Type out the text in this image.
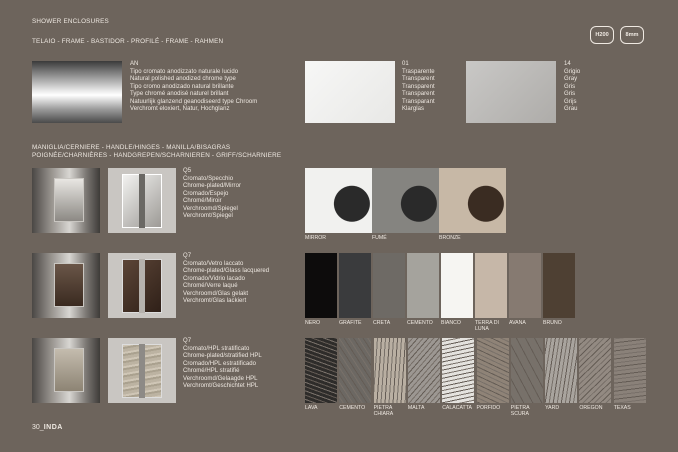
SHOWER ENCLOSURES
TELAIO - FRAME - BASTIDOR - PROFILÉ - FRAME - RAHMEN
H200	8mm
AN
Tipo cromato anodizzato naturale lucido
Natural polished anodized chrome type
Tipo cromo anodizado natural brillante
Type chromé anodisé naturel brillant
Natuurlijk glanzend geanodiseerd type Chroom
Verchromt eloxiert, Natur, Hochglanz
01
Trasparente
Transparent
Transparent
Transparent
Transparant
Klarglas
14
Grigio
Gray
Gris
Gris
Grijs
Grau
MANIGLIA/CERNIERE - HANDLE/HINGES - MANILLA/BISAGRAS
POIGNÉE/CHARNIÈRES - HANDGREPEN/SCHARNIEREN - GRIFF/SCHARNIERE
Q5
Cromato/Specchio
Chrome-plated/Mirror
Cromado/Espejo
Chromé/Miroir
Verchroomd/Spiegel
Verchromt/Spiegel
MIRROR	FUMÉ	BRONZE
Q7
Cromato/Vetro laccato
Chrome-plated/Glass lacquered
Cromado/Vidrio lacado
Chromé/Verre laqué
Verchroomd/Glas gelakt
Verchromt/Glas lackiert
NERO	GRAFITE	CRETA	CEMENTO	BIANCO	TERRA DI LUNA
AVANA	BRUNO
Q7
Cromato/HPL stratificato
Chrome-plated/stratified HPL
Cromado/HPL estratificado
Chromé/HPL stratifié
Verchroomd/Gelaagde HPL
Verchromt/Geschichtet HPL
LAVA	CEMENTO	PIETRA CHIARA
MALTA	CALACATTA PORFIDO	PIETRA SCURA
YARD	OREGON	TEXAS
30_INDA
